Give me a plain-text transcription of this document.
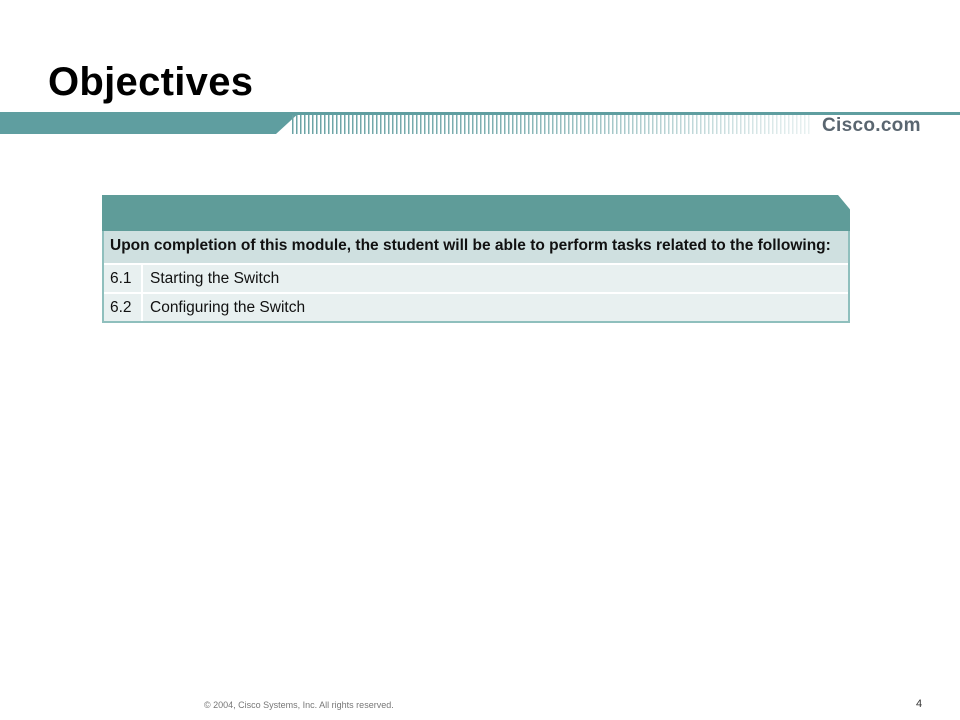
Objectives
Cisco.com
Upon completion of this module, the student will be able to perform tasks related to the following:
6.1	Starting the Switch
6.2	Configuring the Switch
© 2004, Cisco Systems, Inc. All rights reserved.	4
